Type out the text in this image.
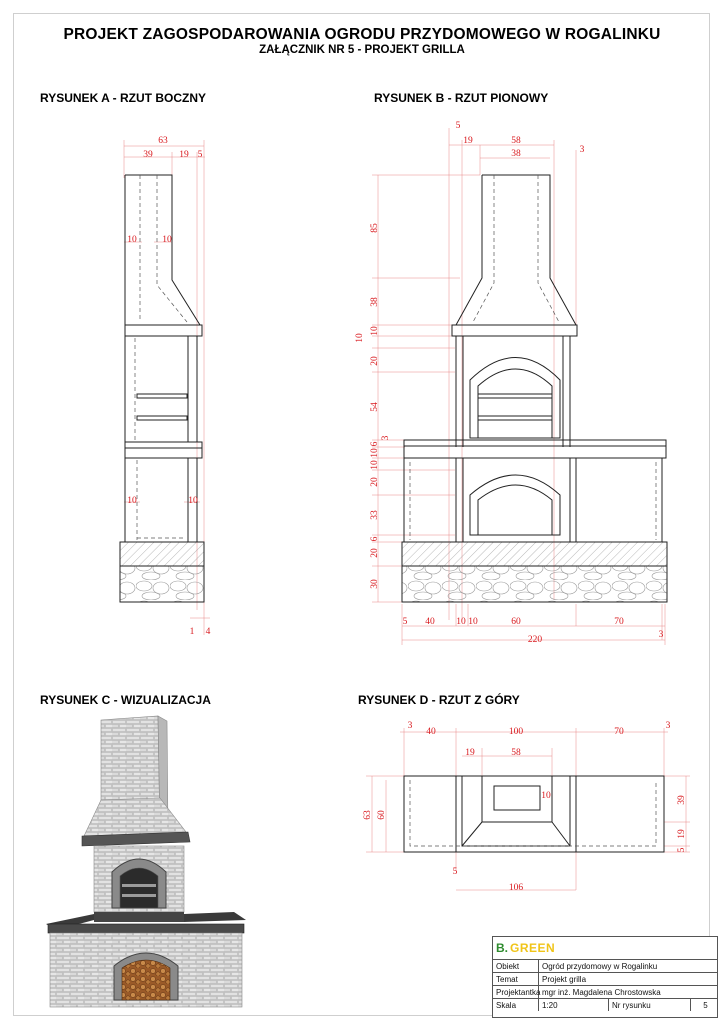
PROJEKT ZAGOSPODAROWANIA OGRODU PRZYDOMOWEGO W ROGALINKU
ZAŁĄCZNIK NR 5 - PROJEKT GRILLA
RYSUNEK A - RZUT BOCZNY	RYSUNEK B - RZUT PIONOWY
RYSUNEK C - WIZUALIZACJA	RYSUNEK D - RZUT Z GÓRY
63
39	19 5
10	10
10	10
1 4
5
19	58
38	3
85
38
10
10
20
54
6
3
10
10
20
33
20
6
30
5 40 10 10	60	70
3
220
3
40	100	70
3
19	58
10
63 60
39
19
5
5
106
B. GREEN
Obiekt	Ogród przydomowy w Rogalinku
Temat	Projekt grilla
Projektantka mgr inż. Magdalena Chrostowska
Skala	1:20	Nr rysunku	5
